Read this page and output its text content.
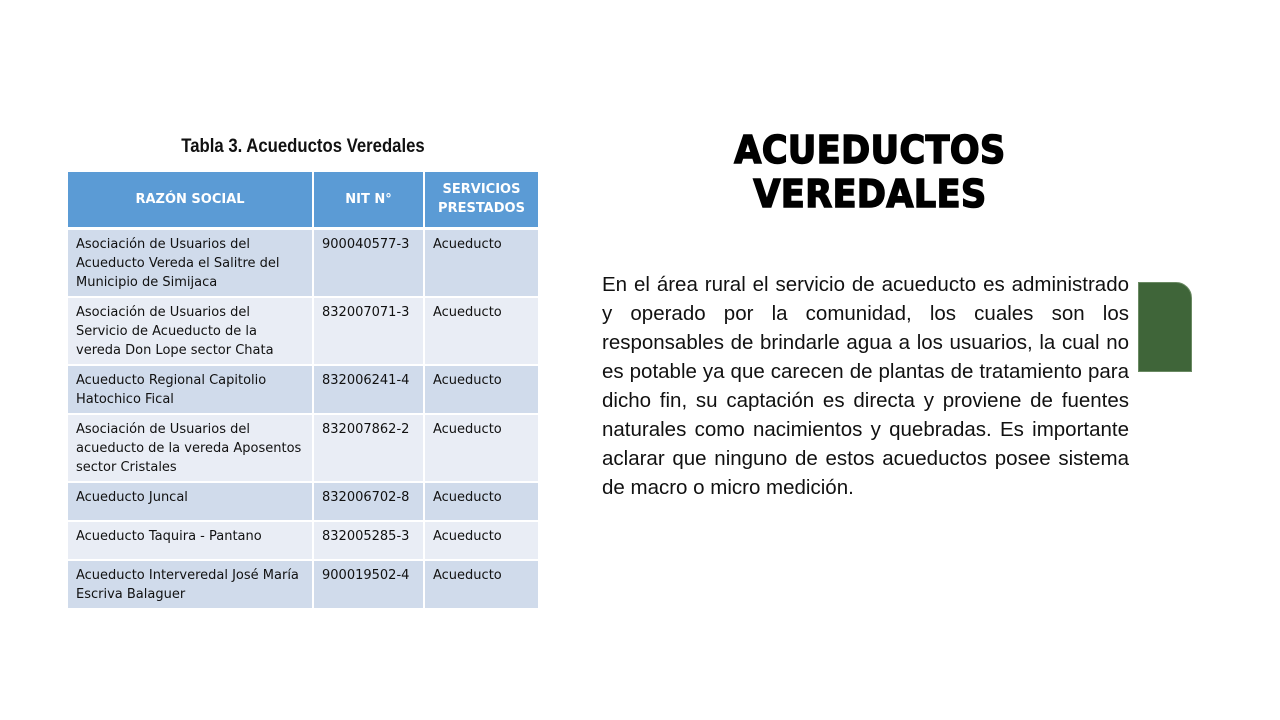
Tabla 3. Acueductos Veredales
RAZÓN SOCIAL	NIT N°	SERVICIOS PRESTADOS
Asociación de Usuarios del Acueducto Vereda el Salitre del Municipio de Simijaca	900040577-3	Acueducto
Asociación de Usuarios del Servicio de Acueducto de la vereda Don Lope sector Chata	832007071-3	Acueducto
Acueducto Regional Capitolio Hatochico Fical	832006241-4	Acueducto
Asociación de Usuarios del acueducto de la vereda Aposentos sector Cristales	832007862-2	Acueducto
Acueducto Juncal	832006702-8	Acueducto
Acueducto Taquira - Pantano	832005285-3	Acueducto
Acueducto Interveredal José María Escriva Balaguer	900019502-4	Acueducto
ACUEDUCTOS VEREDALES
En el área rural el servicio de acueducto es administrado y operado por la comunidad, los cuales son los responsables de brindarle agua a los usuarios, la cual no es potable ya que carecen de plantas de tratamiento para dicho fin, su captación es directa y proviene de fuentes naturales como nacimientos y quebradas. Es importante aclarar que ninguno de estos acueductos posee sistema de macro o micro medición.
